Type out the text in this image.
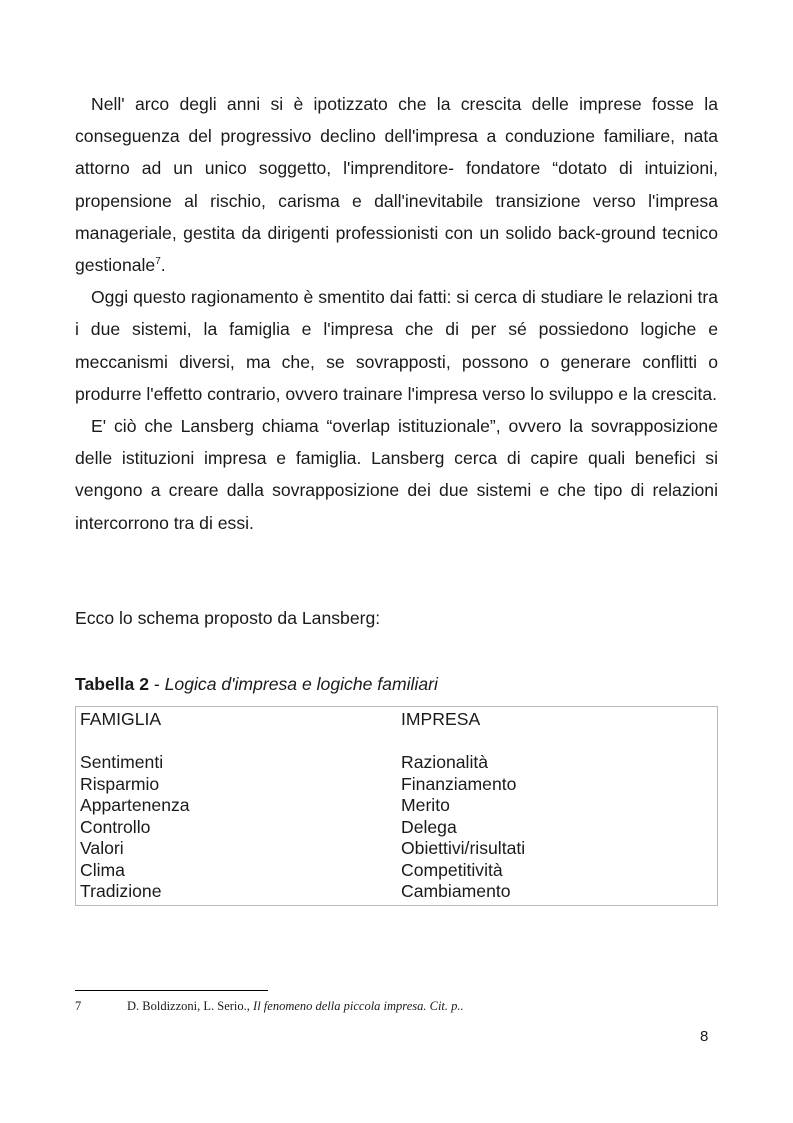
Nell' arco degli anni si è ipotizzato che la crescita delle imprese fosse la conseguenza del progressivo declino dell'impresa a conduzione familiare, nata attorno ad un unico soggetto, l'imprenditore- fondatore “dotato di intuizioni, propensione al rischio, carisma e dall'inevitabile transizione verso l'impresa manageriale, gestita da dirigenti professionisti con un solido back-ground tecnico gestionale$^7$.

Oggi questo ragionamento è smentito dai fatti: si cerca di studiare le relazioni tra i due sistemi, la famiglia e l'impresa che di per sé possiedono logiche e meccanismi diversi, ma che, se sovrapposti, possono o generare conflitti o produrre l'effetto contrario, ovvero trainare l'impresa verso lo sviluppo e la crescita.

E' ciò che Lansberg chiama “overlap istituzionale”, ovvero la sovrapposizione delle istituzioni impresa e famiglia. Lansberg cerca di capire quali benefici si vengono a creare dalla sovrapposizione dei due sistemi e che tipo di relazioni intercorrono tra di essi.

Ecco lo schema proposto da Lansberg:

Tabella 2 - Logica d'impresa e logiche familiari

FAMIGLIA
Sentimenti
Risparmio
Appartenenza
Controllo
Valori
Clima
Tradizione
IMPRESA
Razionalità
Finanziamento
Merito
Delega
Obiettivi/risultati
Competitività
Cambiamento
7	D. Boldizzoni, L. Serio., Il fenomeno della piccola impresa. Cit. p..
8
